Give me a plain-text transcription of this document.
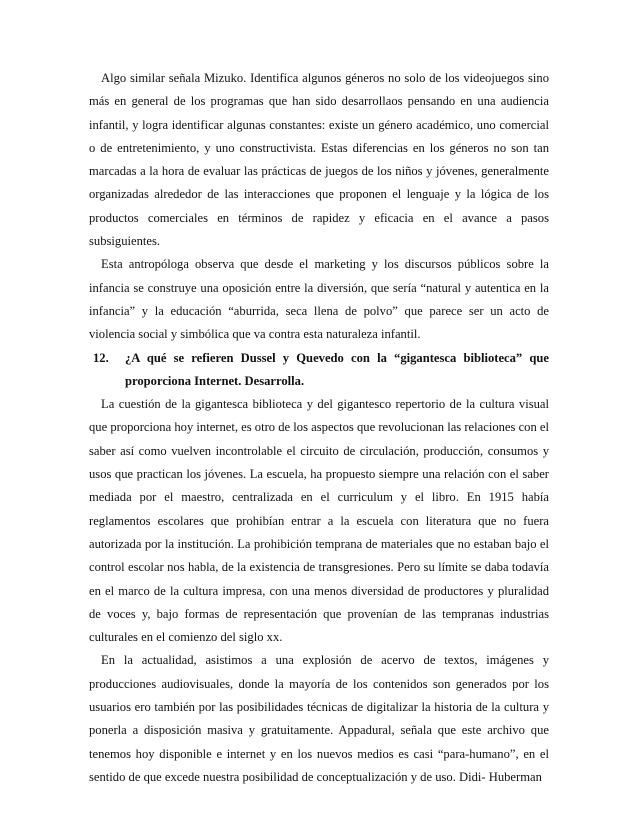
Algo similar señala Mizuko. Identifica algunos géneros no solo de los videojuegos sino más en general de los programas que han sido desarrollaos pensando en una audiencia infantil, y logra identificar algunas constantes: existe un género académico, uno comercial o de entretenimiento, y uno constructivista. Estas diferencias en los géneros no son tan marcadas a la hora de evaluar las prácticas de juegos de los niños y jóvenes, generalmente organizadas alrededor de las interacciones que proponen el lenguaje y la lógica de los productos comerciales en términos de rapidez y eficacia en el avance a pasos subsiguientes.

Esta antropóloga observa que desde el marketing y los discursos públicos sobre la infancia se construye una oposición entre la diversión, que sería “natural y autentica en la infancia” y la educación “aburrida, seca llena de polvo” que parece ser un acto de violencia social y simbólica que va contra esta naturaleza infantil.

12.	¿A qué se refieren Dussel y Quevedo con la “gigantesca biblioteca” que proporciona Internet. Desarrolla.

La cuestión de la gigantesca biblioteca y del gigantesco repertorio de la cultura visual que proporciona hoy internet, es otro de los aspectos que revolucionan las relaciones con el saber así como vuelven incontrolable el circuito de circulación, producción, consumos y usos que practican los jóvenes. La escuela, ha propuesto siempre una relación con el saber mediada por el maestro, centralizada en el curriculum y el libro. En 1915 había reglamentos escolares que prohibían entrar a la escuela con literatura que no fuera autorizada por la institución. La prohibición temprana de materiales que no estaban bajo el control escolar nos habla, de la existencia de transgresiones. Pero su límite se daba todavía en el marco de la cultura impresa, con una menos diversidad de productores y pluralidad de voces y, bajo formas de representación que provenían de las tempranas industrias culturales en el comienzo del siglo xx.

En la actualidad, asistimos a una explosión de acervo de textos, imágenes y producciones audiovisuales, donde la mayoría de los contenidos son generados por los usuarios ero también por las posibilidades técnicas de digitalizar la historia de la cultura y ponerla a disposición masiva y gratuitamente. Appadural, señala que este archivo que tenemos hoy disponible e internet y en los nuevos medios es casi “para-humano”, en el sentido de que excede nuestra posibilidad de conceptualización y de uso. Didi- Huberman
